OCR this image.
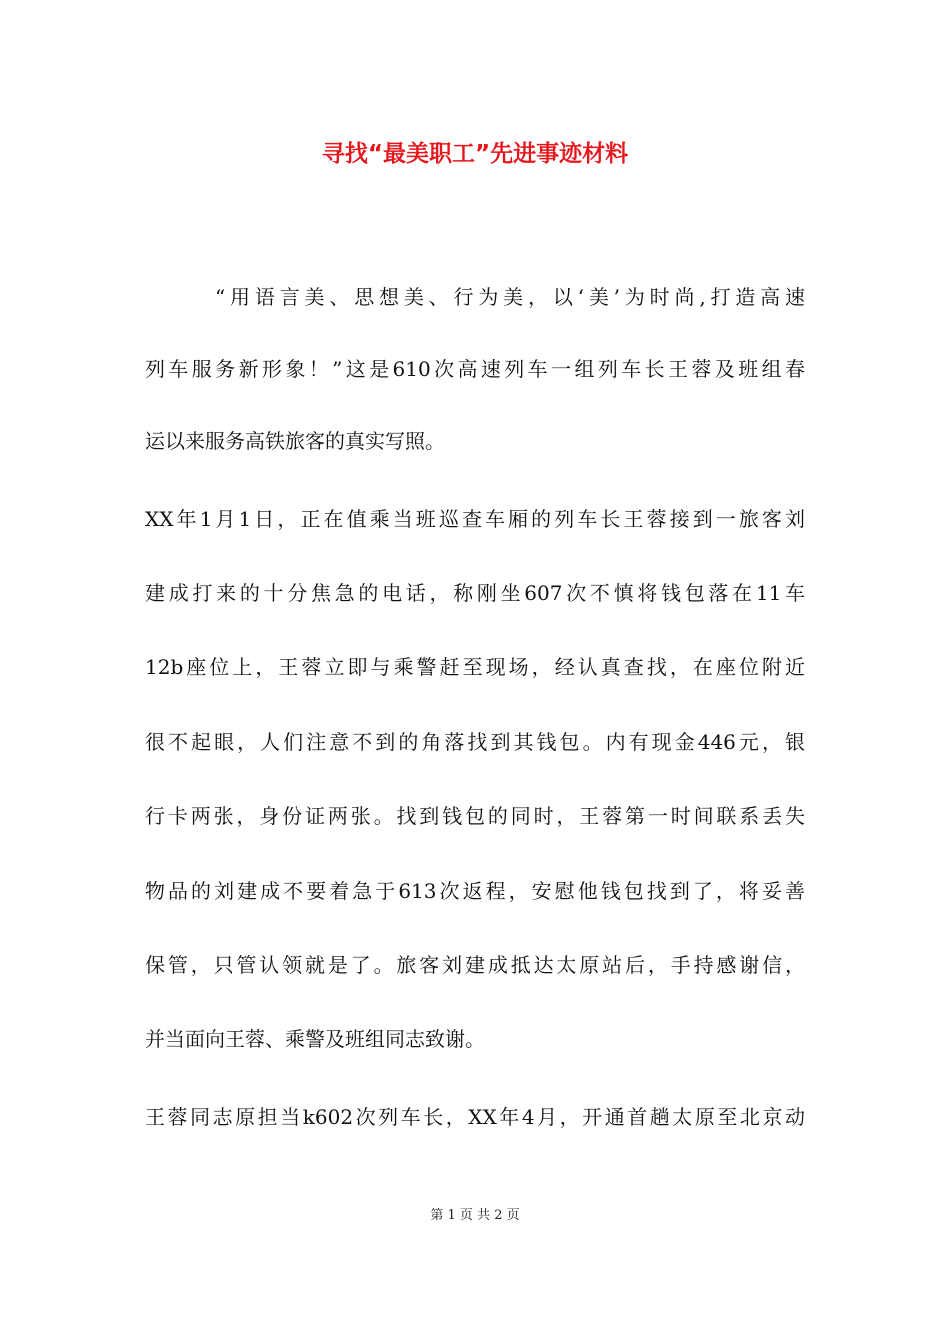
寻找“最美职工”先进事迹材料

“用语言美、思想美、行为美，以‘美’为时尚,打造高速

列车服务新形象！”这是610次高速列车一组列车长王蓉及班组春

运以来服务高铁旅客的真实写照。

XX年1月1日，正在值乘当班巡查车厢的列车长王蓉接到一旅客刘

建成打来的十分焦急的电话，称刚坐607次不慎将钱包落在11车

12b座位上，王蓉立即与乘警赶至现场，经认真查找，在座位附近

很不起眼，人们注意不到的角落找到其钱包。内有现金446元，银

行卡两张，身份证两张。找到钱包的同时，王蓉第一时间联系丢失

物品的刘建成不要着急于613次返程，安慰他钱包找到了，将妥善

保管，只管认领就是了。旅客刘建成抵达太原站后，手持感谢信，

并当面向王蓉、乘警及班组同志致谢。

王蓉同志原担当k602次列车长，XX年4月，开通首趟太原至北京动

第 1 页 共 2 页
